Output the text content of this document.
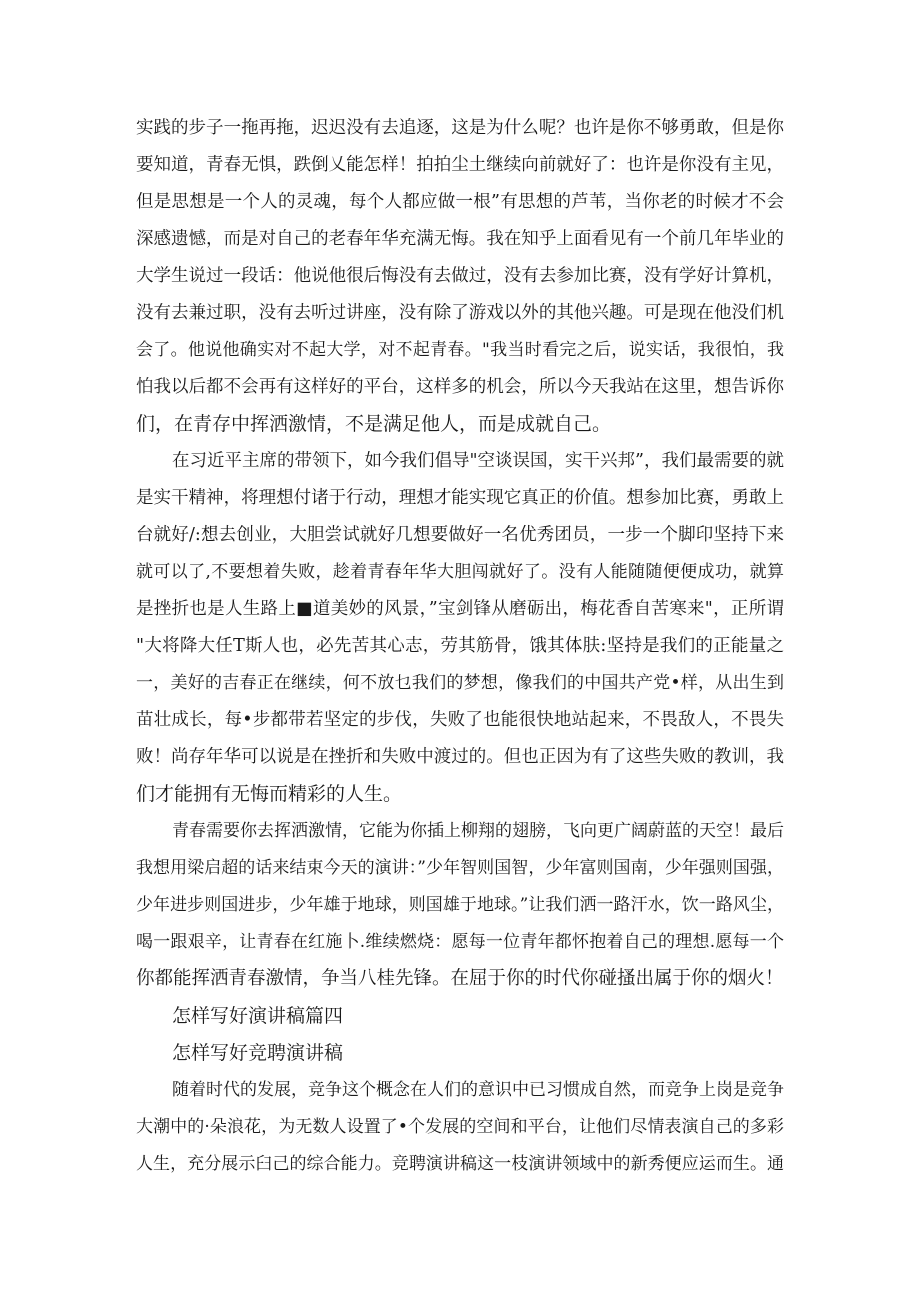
实践的步子一拖再拖，迟迟没有去追逐，这是为什么呢？也许是你不够勇敢，但是你
要知道，青春无惧，跌倒乂能怎样！拍拍尘土继续向前就好了：也许是你没有主见，
但是思想是一个人的灵魂，每个人都应做一根”有思想的芦苇，当你老的时候才不会
深感遗憾，而是对自己的老春年华充满无悔。我在知乎上面看见有一个前几年毕业的
大学生说过一段话：他说他很后悔没有去做过，没有去参加比赛，没有学好计算机，
没有去兼过职，没有去听过讲座，没有除了游戏以外的其他兴趣。可是现在他没们机
会了。他说他确实对不起大学，对不起青春。"我当时看完之后，说实话，我很怕，我
怕我以后都不会再有这样好的平台，这样多的机会，所以今天我站在这里，想告诉你
们，在青存中挥洒激情，不是满足他人，而是成就自己。
在习近平主席的带领下，如今我们倡导"空谈误国，实干兴邦”，我们最需要的就
是实干精神，将理想付诸于行动，理想才能实现它真正的价值。想参加比赛，勇敢上
台就好/:想去创业，大胆尝试就好几想要做好一名优秀团员，一步一个脚印坚持下来
就可以了,不要想着失败，趁着青春年华大胆闯就好了。没有人能随随便便成功，就算
是挫折也是人生路上■道美妙的风景，”宝剑锋从磨砺出，梅花香自苦寒来"，正所谓
"大将降大任T斯人也，必先苦其心志，劳其筋骨，饿其体肤:坚持是我们的正能量之
一，美好的吉春正在继续，何不放乜我们的梦想，像我们的中国共产党•样，从出生到
苗壮成长，每•步都带若坚定的步伐，失败了也能很快地站起来，不畏敌人，不畏失
败！尚存年华可以说是在挫折和失败中渡过的。但也正因为有了这些失败的教训，我
们才能拥有无悔而精彩的人生。
青春需要你去挥洒激情，它能为你插上柳翔的翅膀，飞向更广阔蔚蓝的天空！最后
我想用梁启超的话来结束今天的演讲：”少年智则国智，少年富则国南，少年强则国强，
少年进步则国进步，少年雄于地球，则国雄于地球。”让我们洒一路汗水，饮一路风尘，
喝一跟艰辛，让青春在红施卜.维续燃烧：愿每一位青年都怀抱着自己的理想.愿每一个
你都能挥洒青春激情，争当八桂先锋。在屈于你的时代你碰搔出属于你的烟火！
怎样写好演讲稿篇四
怎样写好竞聘演讲稿
随着时代的发展，竞争这个概念在人们的意识中已习惯成自然，而竞争上岗是竞争
大潮中的·朵浪花，为无数人设置了•个发展的空间和平台，让他们尽情表演自己的多彩
人生，充分展示臼己的综合能力。竞聘演讲稿这一枝演讲领域中的新秀便应运而生。通
